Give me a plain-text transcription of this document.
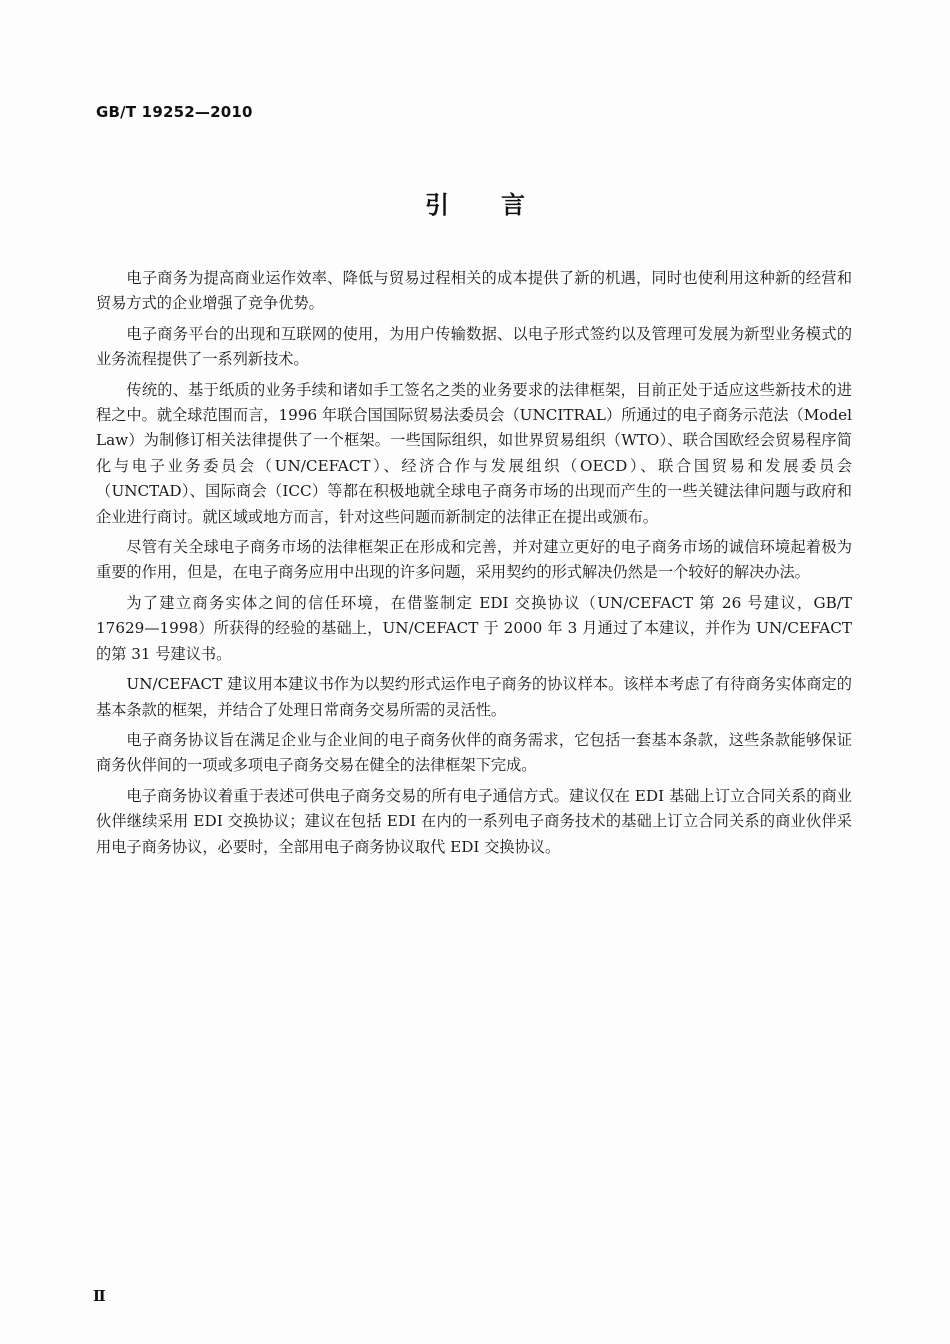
GB/T 19252—2010
引言

电子商务为提高商业运作效率、降低与贸易过程相关的成本提供了新的机遇，同时也使利用这种新的经营和贸易方式的企业增强了竞争优势。

电子商务平台的出现和互联网的使用，为用户传输数据、以电子形式签约以及管理可发展为新型业务模式的业务流程提供了一系列新技术。

传统的、基于纸质的业务手续和诸如手工签名之类的业务要求的法律框架，目前正处于适应这些新技术的进程之中。就全球范围而言，1996 年联合国国际贸易法委员会（UNCITRAL）所通过的电子商务示范法（Model Law）为制修订相关法律提供了一个框架。一些国际组织，如世界贸易组织（WTO）、联合国欧经会贸易程序简化与电子业务委员会（UN/CEFACT）、经济合作与发展组织（OECD）、联合国贸易和发展委员会（UNCTAD）、国际商会（ICC）等都在积极地就全球电子商务市场的出现而产生的一些关键法律问题与政府和企业进行商讨。就区域或地方而言，针对这些问题而新制定的法律正在提出或颁布。

尽管有关全球电子商务市场的法律框架正在形成和完善，并对建立更好的电子商务市场的诚信环境起着极为重要的作用，但是，在电子商务应用中出现的许多问题，采用契约的形式解决仍然是一个较好的解决办法。

为了建立商务实体之间的信任环境，在借鉴制定 EDI 交换协议（UN/CEFACT 第 26 号建议，GB/T 17629—1998）所获得的经验的基础上，UN/CEFACT 于 2000 年 3 月通过了本建议，并作为 UN/CEFACT 的第 31 号建议书。

UN/CEFACT 建议用本建议书作为以契约形式运作电子商务的协议样本。该样本考虑了有待商务实体商定的基本条款的框架，并结合了处理日常商务交易所需的灵活性。

电子商务协议旨在满足企业与企业间的电子商务伙伴的商务需求，它包括一套基本条款，这些条款能够保证商务伙伴间的一项或多项电子商务交易在健全的法律框架下完成。

电子商务协议着重于表述可供电子商务交易的所有电子通信方式。建议仅在 EDI 基础上订立合同关系的商业伙伴继续采用 EDI 交换协议；建议在包括 EDI 在内的一系列电子商务技术的基础上订立合同关系的商业伙伴采用电子商务协议，必要时，全部用电子商务协议取代 EDI 交换协议。

Ⅱ
